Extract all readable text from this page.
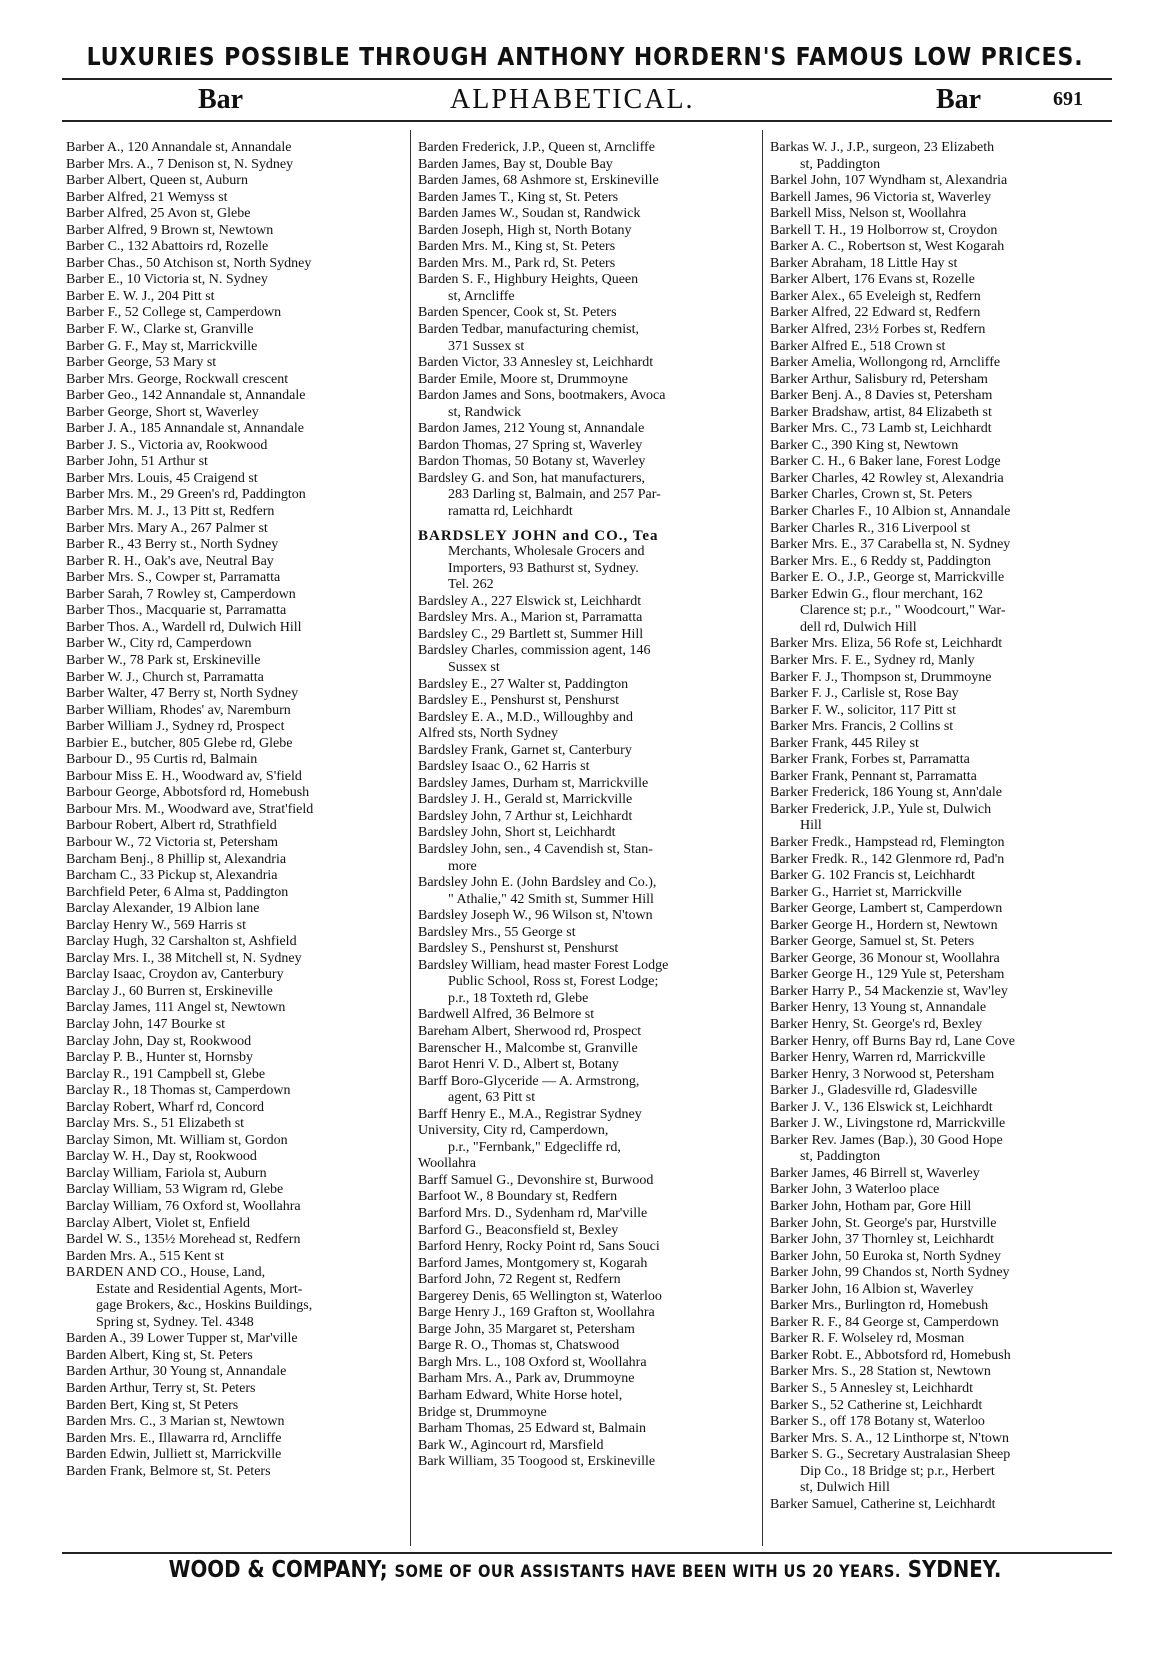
LUXURIES POSSIBLE THROUGH ANTHONY HORDERN'S FAMOUS LOW PRICES.
Bar	ALPHABETICAL.	Bar	691
Barber A., 120 Annandale st, Annandale
Barber Mrs. A., 7 Denison st, N. Sydney
Barber Albert, Queen st, Auburn
Barber Alfred, 21 Wemyss st
Barber Alfred, 25 Avon st, Glebe
Barber Alfred, 9 Brown st, Newtown
Barber C., 132 Abattoirs rd, Rozelle
Barber Chas., 50 Atchison st, North Sydney
Barber E., 10 Victoria st, N. Sydney
Barber E. W. J., 204 Pitt st
Barber F., 52 College st, Camperdown
Barber F. W., Clarke st, Granville
Barber G. F., May st, Marrickville
Barber George, 53 Mary st
Barber Mrs. George, Rockwall crescent
Barber Geo., 142 Annandale st, Annandale
Barber George, Short st, Waverley
Barber J. A., 185 Annandale st, Annandale
Barber J. S., Victoria av, Rookwood
Barber John, 51 Arthur st
Barber Mrs. Louis, 45 Craigend st
Barber Mrs. M., 29 Green's rd, Paddington
Barber Mrs. M. J., 13 Pitt st, Redfern
Barber Mrs. Mary A., 267 Palmer st
Barber R., 43 Berry st., North Sydney
Barber R. H., Oak's ave, Neutral Bay
Barber Mrs. S., Cowper st, Parramatta
Barber Sarah, 7 Rowley st, Camperdown
Barber Thos., Macquarie st, Parramatta
Barber Thos. A., Wardell rd, Dulwich Hill
Barber W., City rd, Camperdown
Barber W., 78 Park st, Erskineville
Barber W. J., Church st, Parramatta
Barber Walter, 47 Berry st, North Sydney
Barber William, Rhodes' av, Naremburn
Barber William J., Sydney rd, Prospect
Barbier E., butcher, 805 Glebe rd, Glebe
Barbour D., 95 Curtis rd, Balmain
Barbour Miss E. H., Woodward av, S'field
Barbour George, Abbotsford rd, Homebush
Barbour Mrs. M., Woodward ave, Strat'field
Barbour Robert, Albert rd, Strathfield
Barbour W., 72 Victoria st, Petersham
Barcham Benj., 8 Phillip st, Alexandria
Barcham C., 33 Pickup st, Alexandria
Barchfield Peter, 6 Alma st, Paddington
Barclay Alexander, 19 Albion lane
Barclay Henry W., 569 Harris st
Barclay Hugh, 32 Carshalton st, Ashfield
Barclay Mrs. I., 38 Mitchell st, N. Sydney
Barclay Isaac, Croydon av, Canterbury
Barclay J., 60 Burren st, Erskineville
Barclay James, 111 Angel st, Newtown
Barclay John, 147 Bourke st
Barclay John, Day st, Rookwood
Barclay P. B., Hunter st, Hornsby
Barclay R., 191 Campbell st, Glebe
Barclay R., 18 Thomas st, Camperdown
Barclay Robert, Wharf rd, Concord
Barclay Mrs. S., 51 Elizabeth st
Barclay Simon, Mt. William st, Gordon
Barclay W. H., Day st, Rookwood
Barclay William, Fariola st, Auburn
Barclay William, 53 Wigram rd, Glebe
Barclay William, 76 Oxford st, Woollahra
Barclay Albert, Violet st, Enfield
Bardel W. S., 135½ Morehead st, Redfern
Barden Mrs. A., 515 Kent st
BARDEN AND CO., House, Land,
Estate and Residential Agents, Mort-
gage Brokers, &c., Hoskins Buildings,
Spring st, Sydney. Tel. 4348
Barden A., 39 Lower Tupper st, Mar'ville
Barden Albert, King st, St. Peters
Barden Arthur, 30 Young st, Annandale
Barden Arthur, Terry st, St. Peters
Barden Bert, King st, St Peters
Barden Mrs. C., 3 Marian st, Newtown
Barden Mrs. E., Illawarra rd, Arncliffe
Barden Edwin, Julliett st, Marrickville
Barden Frank, Belmore st, St. Peters
Barden Frederick, J.P., Queen st, Arncliffe
Barden James, Bay st, Double Bay
Barden James, 68 Ashmore st, Erskineville
Barden James T., King st, St. Peters
Barden James W., Soudan st, Randwick
Barden Joseph, High st, North Botany
Barden Mrs. M., King st, St. Peters
Barden Mrs. M., Park rd, St. Peters
Barden S. F., Highbury Heights, Queen
st, Arncliffe
Barden Spencer, Cook st, St. Peters
Barden Tedbar, manufacturing chemist,
371 Sussex st
Barden Victor, 33 Annesley st, Leichhardt
Barder Emile, Moore st, Drummoyne
Bardon James and Sons, bootmakers, Avoca
st, Randwick
Bardon James, 212 Young st, Annandale
Bardon Thomas, 27 Spring st, Waverley
Bardon Thomas, 50 Botany st, Waverley
Bardsley G. and Son, hat manufacturers,
283 Darling st, Balmain, and 257 Par-
ramatta rd, Leichhardt
BARDSLEY JOHN and CO., Tea
Merchants, Wholesale Grocers and
Importers, 93 Bathurst st, Sydney.
Tel. 262
Bardsley A., 227 Elswick st, Leichhardt
Bardsley Mrs. A., Marion st, Parramatta
Bardsley C., 29 Bartlett st, Summer Hill
Bardsley Charles, commission agent, 146
Sussex st
Bardsley E., 27 Walter st, Paddington
Bardsley E., Penshurst st, Penshurst
Bardsley E. A., M.D., Willoughby and
Alfred sts, North Sydney
Bardsley Frank, Garnet st, Canterbury
Bardsley Isaac O., 62 Harris st
Bardsley James, Durham st, Marrickville
Bardsley J. H., Gerald st, Marrickville
Bardsley John, 7 Arthur st, Leichhardt
Bardsley John, Short st, Leichhardt
Bardsley John, sen., 4 Cavendish st, Stan-
more
Bardsley John E. (John Bardsley and Co.),
" Athalie," 42 Smith st, Summer Hill
Bardsley Joseph W., 96 Wilson st, N'town
Bardsley Mrs., 55 George st
Bardsley S., Penshurst st, Penshurst
Bardsley William, head master Forest Lodge
Public School, Ross st, Forest Lodge;
p.r., 18 Toxteth rd, Glebe
Bardwell Alfred, 36 Belmore st
Bareham Albert, Sherwood rd, Prospect
Barenscher H., Malcombe st, Granville
Barot Henri V. D., Albert st, Botany
Barff Boro-Glyceride — A. Armstrong,
agent, 63 Pitt st
Barff Henry E., M.A., Registrar Sydney
University, City rd, Camperdown,
p.r., "Fernbank," Edgecliffe rd,
Woollahra
Barff Samuel G., Devonshire st, Burwood
Barfoot W., 8 Boundary st, Redfern
Barford Mrs. D., Sydenham rd, Mar'ville
Barford G., Beaconsfield st, Bexley
Barford Henry, Rocky Point rd, Sans Souci
Barford James, Montgomery st, Kogarah
Barford John, 72 Regent st, Redfern
Bargerey Denis, 65 Wellington st, Waterloo
Barge Henry J., 169 Grafton st, Woollahra
Barge John, 35 Margaret st, Petersham
Barge R. O., Thomas st, Chatswood
Bargh Mrs. L., 108 Oxford st, Woollahra
Barham Mrs. A., Park av, Drummoyne
Barham Edward, White Horse hotel,
Bridge st, Drummoyne
Barham Thomas, 25 Edward st, Balmain
Bark W., Agincourt rd, Marsfield
Bark William, 35 Toogood st, Erskineville
Barkas W. J., J.P., surgeon, 23 Elizabeth
st, Paddington
Barkel John, 107 Wyndham st, Alexandria
Barkell James, 96 Victoria st, Waverley
Barkell Miss, Nelson st, Woollahra
Barkell T. H., 19 Holborrow st, Croydon
Barker A. C., Robertson st, West Kogarah
Barker Abraham, 18 Little Hay st
Barker Albert, 176 Evans st, Rozelle
Barker Alex., 65 Eveleigh st, Redfern
Barker Alfred, 22 Edward st, Redfern
Barker Alfred, 23½ Forbes st, Redfern
Barker Alfred E., 518 Crown st
Barker Amelia, Wollongong rd, Arncliffe
Barker Arthur, Salisbury rd, Petersham
Barker Benj. A., 8 Davies st, Petersham
Barker Bradshaw, artist, 84 Elizabeth st
Barker Mrs. C., 73 Lamb st, Leichhardt
Barker C., 390 King st, Newtown
Barker C. H., 6 Baker lane, Forest Lodge
Barker Charles, 42 Rowley st, Alexandria
Barker Charles, Crown st, St. Peters
Barker Charles F., 10 Albion st, Annandale
Barker Charles R., 316 Liverpool st
Barker Mrs. E., 37 Carabella st, N. Sydney
Barker Mrs. E., 6 Reddy st, Paddington
Barker E. O., J.P., George st, Marrickville
Barker Edwin G., flour merchant, 162
Clarence st; p.r., " Woodcourt," War-
dell rd, Dulwich Hill
Barker Mrs. Eliza, 56 Rofe st, Leichhardt
Barker Mrs. F. E., Sydney rd, Manly
Barker F. J., Thompson st, Drummoyne
Barker F. J., Carlisle st, Rose Bay
Barker F. W., solicitor, 117 Pitt st
Barker Mrs. Francis, 2 Collins st
Barker Frank, 445 Riley st
Barker Frank, Forbes st, Parramatta
Barker Frank, Pennant st, Parramatta
Barker Frederick, 186 Young st, Ann'dale
Barker Frederick, J.P., Yule st, Dulwich
Hill
Barker Fredk., Hampstead rd, Flemington
Barker Fredk. R., 142 Glenmore rd, Pad'n
Barker G. 102 Francis st, Leichhardt
Barker G., Harriet st, Marrickville
Barker George, Lambert st, Camperdown
Barker George H., Hordern st, Newtown
Barker George, Samuel st, St. Peters
Barker George, 36 Monour st, Woollahra
Barker George H., 129 Yule st, Petersham
Barker Harry P., 54 Mackenzie st, Wav'ley
Barker Henry, 13 Young st, Annandale
Barker Henry, St. George's rd, Bexley
Barker Henry, off Burns Bay rd, Lane Cove
Barker Henry, Warren rd, Marrickville
Barker Henry, 3 Norwood st, Petersham
Barker J., Gladesville rd, Gladesville
Barker J. V., 136 Elswick st, Leichhardt
Barker J. W., Livingstone rd, Marrickville
Barker Rev. James (Bap.), 30 Good Hope
st, Paddington
Barker James, 46 Birrell st, Waverley
Barker John, 3 Waterloo place
Barker John, Hotham par, Gore Hill
Barker John, St. George's par, Hurstville
Barker John, 37 Thornley st, Leichhardt
Barker John, 50 Euroka st, North Sydney
Barker John, 99 Chandos st, North Sydney
Barker John, 16 Albion st, Waverley
Barker Mrs., Burlington rd, Homebush
Barker R. F., 84 George st, Camperdown
Barker R. F. Wolseley rd, Mosman
Barker Robt. E., Abbotsford rd, Homebush
Barker Mrs. S., 28 Station st, Newtown
Barker S., 5 Annesley st, Leichhardt
Barker S., 52 Catherine st, Leichhardt
Barker S., off 178 Botany st, Waterloo
Barker Mrs. S. A., 12 Linthorpe st, N'town
Barker S. G., Secretary Australasian Sheep
Dip Co., 18 Bridge st; p.r., Herbert
st, Dulwich Hill
Barker Samuel, Catherine st, Leichhardt
WOOD & COMPANY; SOME OF OUR ASSISTANTS HAVE BEEN WITH US 20 YEARS. SYDNEY.
